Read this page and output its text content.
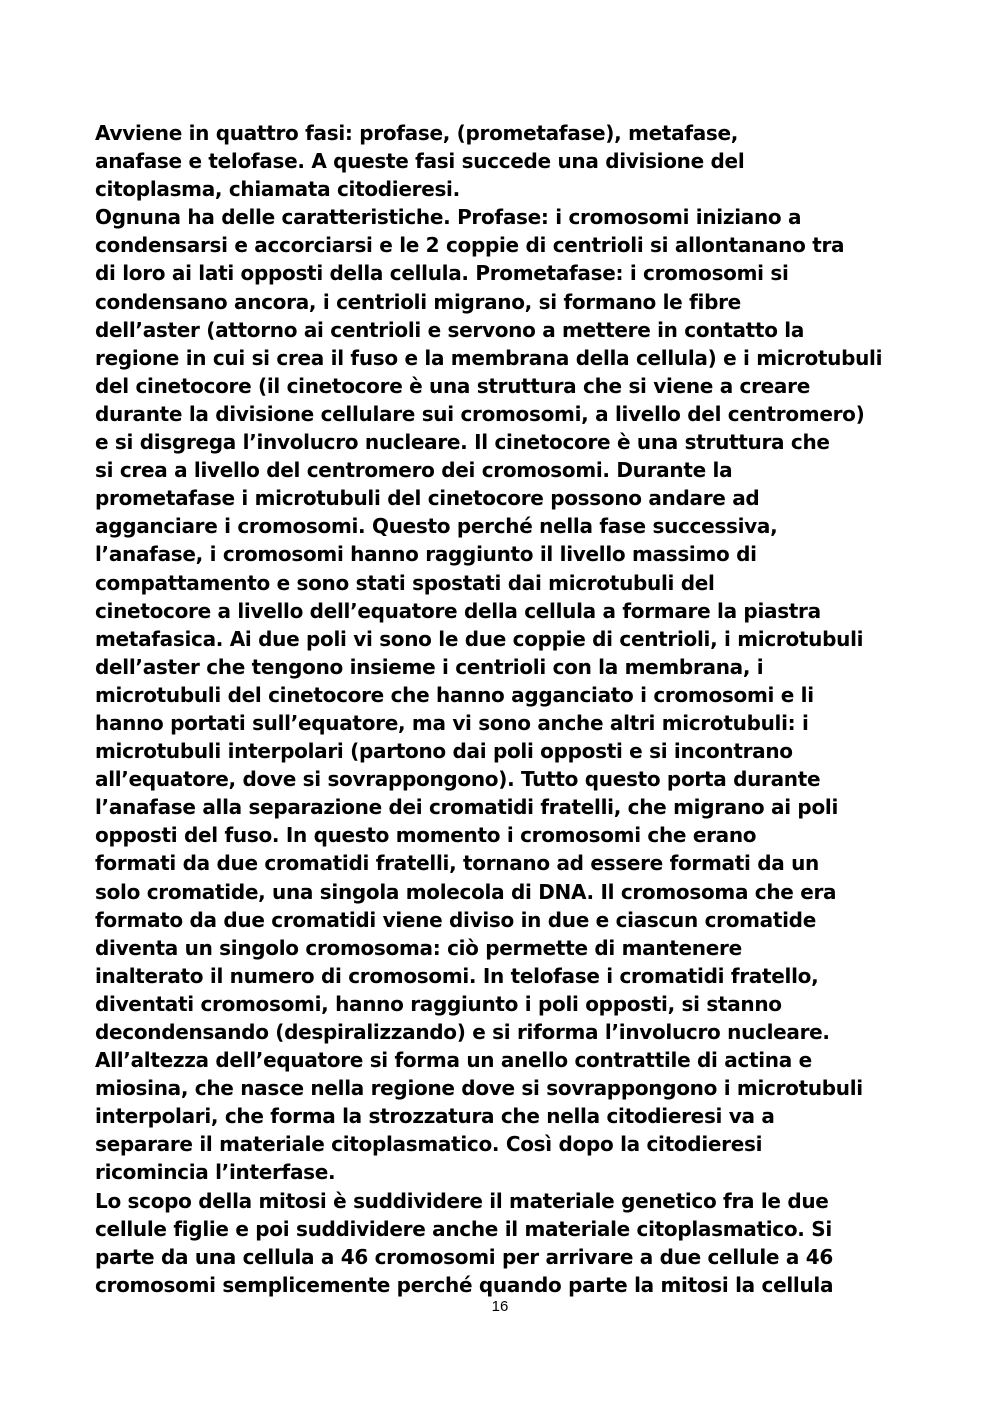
Avviene in quattro fasi: profase, (prometafase), metafase,
anafase e telofase. A queste fasi succede una divisione del
citoplasma, chiamata citodieresi.
Ognuna ha delle caratteristiche. Profase: i cromosomi iniziano a
condensarsi e accorciarsi e le 2 coppie di centrioli si allontanano tra
di loro ai lati opposti della cellula. Prometafase: i cromosomi si
condensano ancora, i centrioli migrano, si formano le fibre
dell’aster (attorno ai centrioli e servono a mettere in contatto la
regione in cui si crea il fuso e la membrana della cellula) e i microtubuli
del cinetocore (il cinetocore è una struttura che si viene a creare
durante la divisione cellulare sui cromosomi, a livello del centromero)
e si disgrega l’involucro nucleare. Il cinetocore è una struttura che
si crea a livello del centromero dei cromosomi. Durante la
prometafase i microtubuli del cinetocore possono andare ad
agganciare i cromosomi. Questo perché nella fase successiva,
l’anafase, i cromosomi hanno raggiunto il livello massimo di
compattamento e sono stati spostati dai microtubuli del
cinetocore a livello dell’equatore della cellula a formare la piastra
metafasica. Ai due poli vi sono le due coppie di centrioli, i microtubuli
dell’aster che tengono insieme i centrioli con la membrana, i
microtubuli del cinetocore che hanno agganciato i cromosomi e li
hanno portati sull’equatore, ma vi sono anche altri microtubuli: i
microtubuli interpolari (partono dai poli opposti e si incontrano
all’equatore, dove si sovrappongono). Tutto questo porta durante
l’anafase alla separazione dei cromatidi fratelli, che migrano ai poli
opposti del fuso. In questo momento i cromosomi che erano
formati da due cromatidi fratelli, tornano ad essere formati da un
solo cromatide, una singola molecola di DNA. Il cromosoma che era
formato da due cromatidi viene diviso in due e ciascun cromatide
diventa un singolo cromosoma: ciò permette di mantenere
inalterato il numero di cromosomi. In telofase i cromatidi fratello,
diventati cromosomi, hanno raggiunto i poli opposti, si stanno
decondensando (despiralizzando) e si riforma l’involucro nucleare.
All’altezza dell’equatore si forma un anello contrattile di actina e
miosina, che nasce nella regione dove si sovrappongono i microtubuli
interpolari, che forma la strozzatura che nella citodieresi va a
separare il materiale citoplasmatico. Così dopo la citodieresi
ricomincia l’interfase.
Lo scopo della mitosi è suddividere il materiale genetico fra le due
cellule figlie e poi suddividere anche il materiale citoplasmatico. Si
parte da una cellula a 46 cromosomi per arrivare a due cellule a 46
cromosomi semplicemente perché quando parte la mitosi la cellula
16
